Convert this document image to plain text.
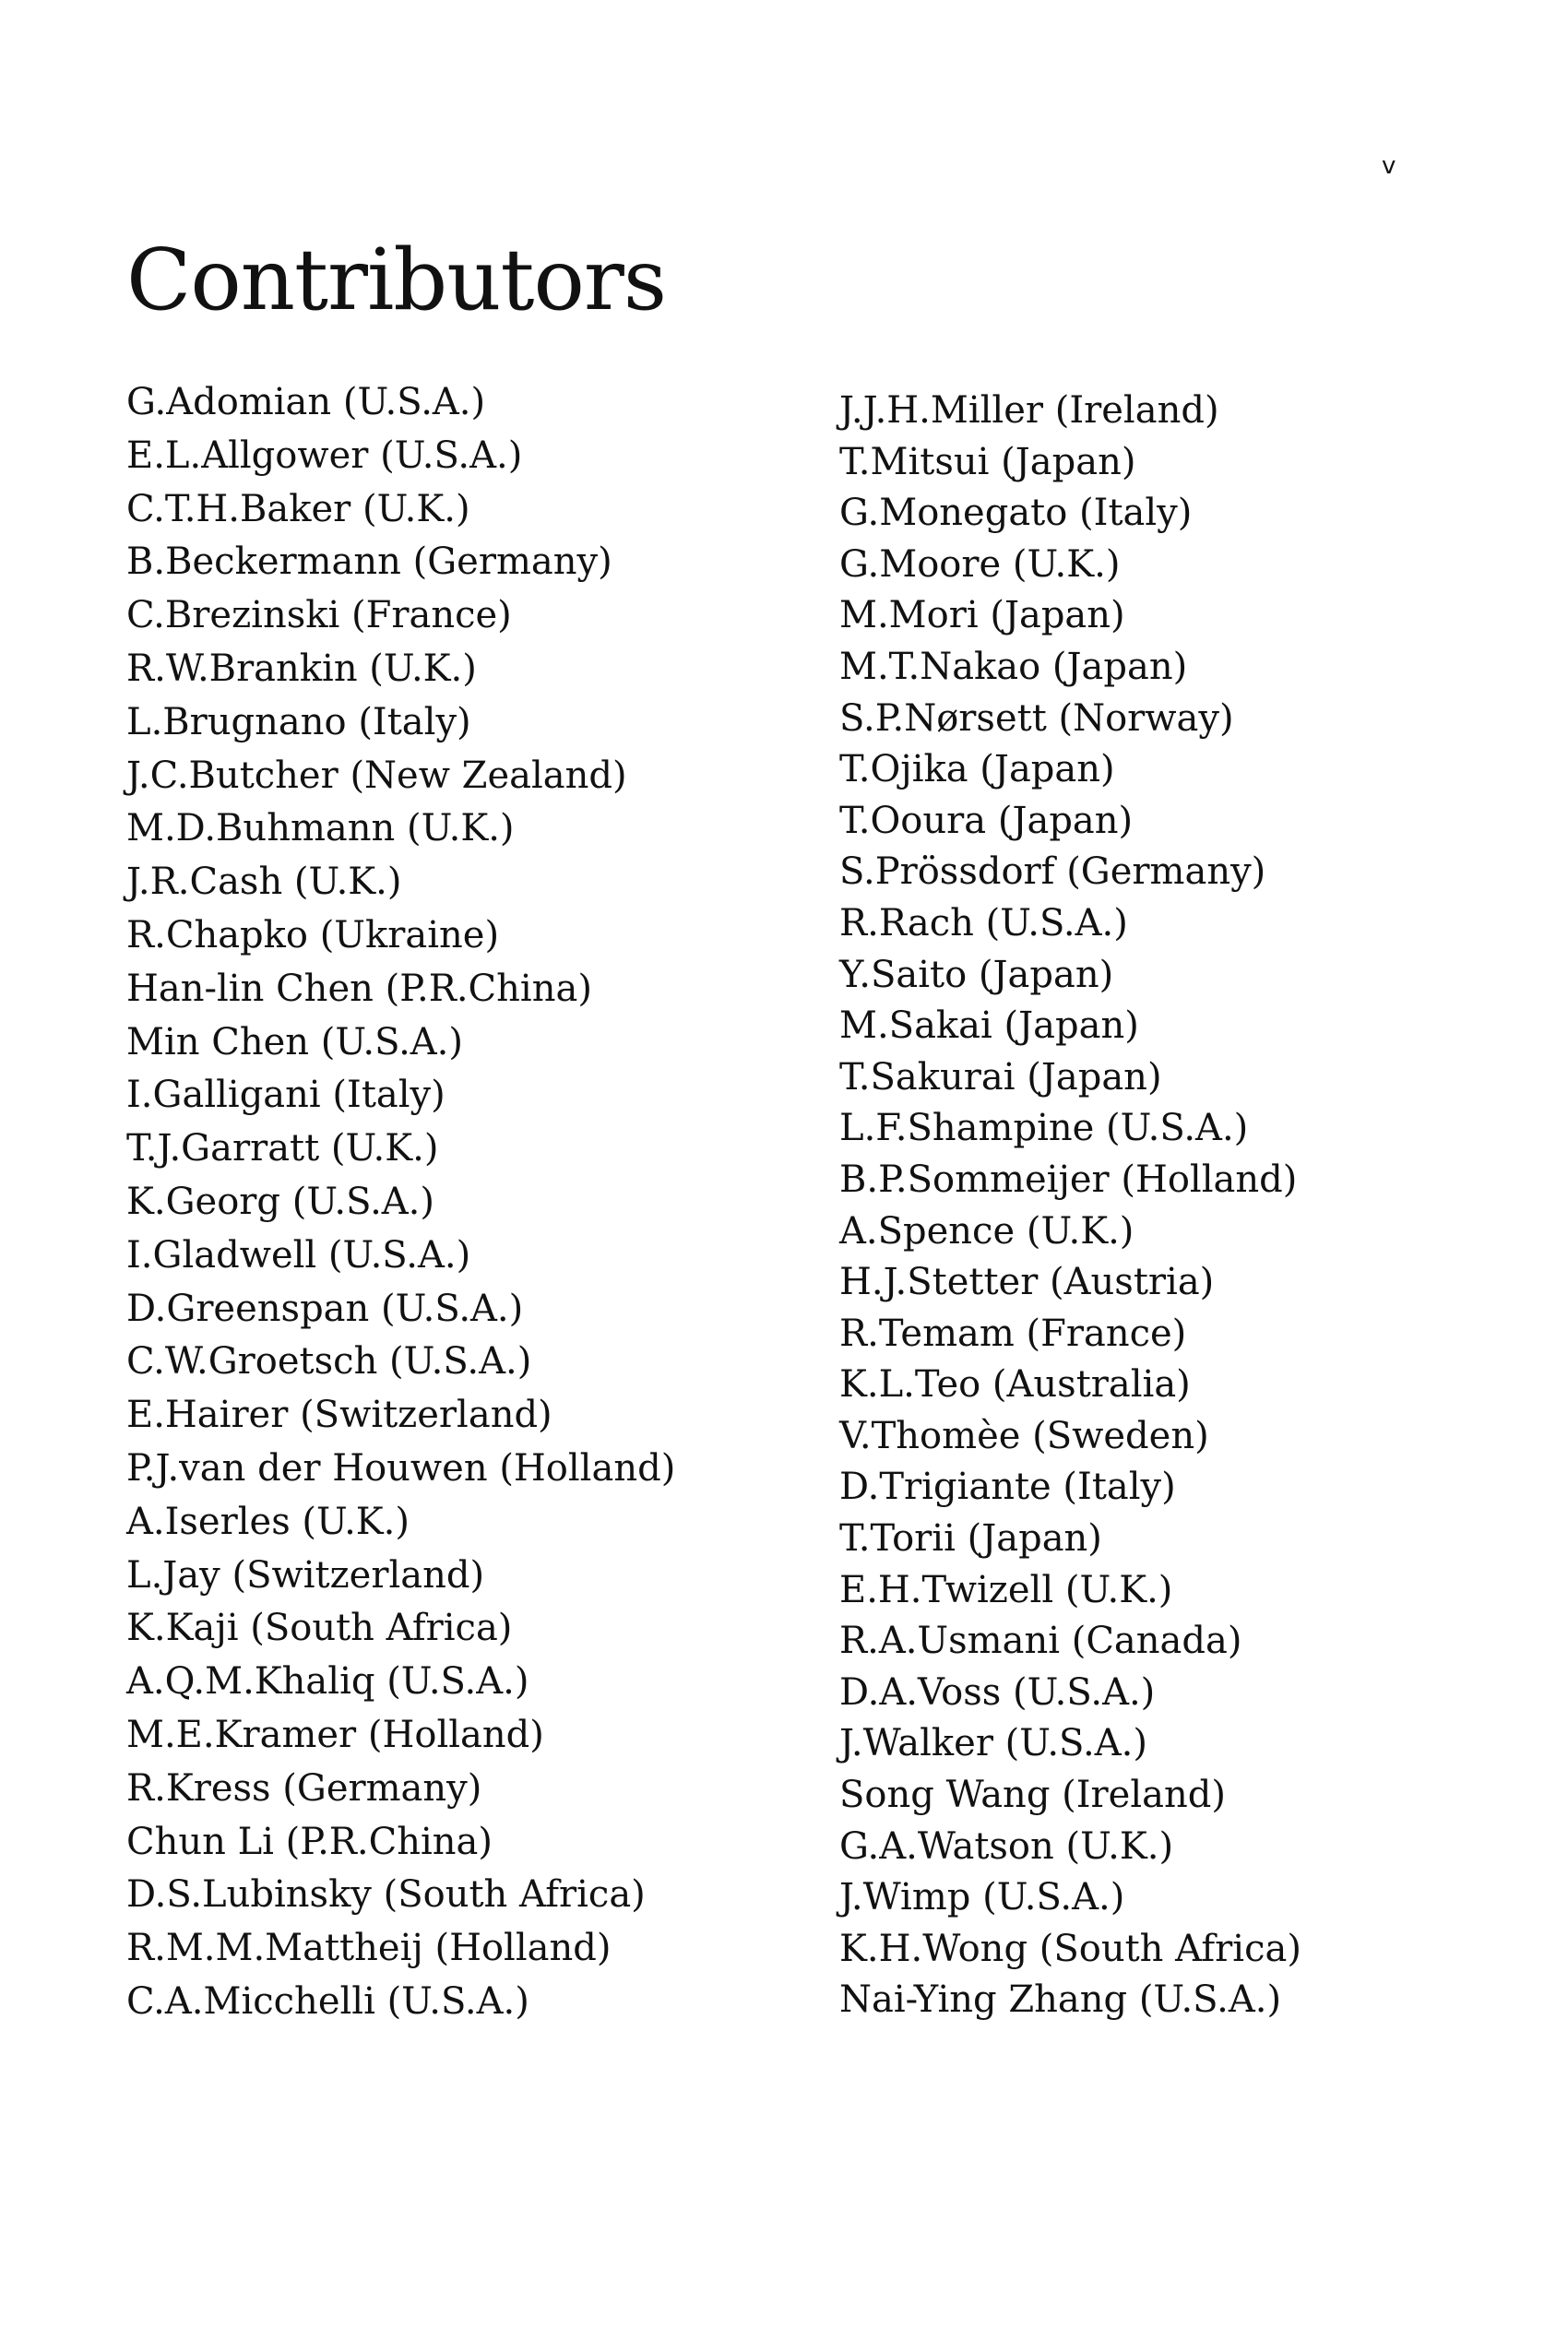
v
Contributors
G.Adomian (U.S.A.)
E.L.Allgower (U.S.A.)
C.T.H.Baker (U.K.)
B.Beckermann (Germany)
C.Brezinski (France)
R.W.Brankin (U.K.)
L.Brugnano (Italy)
J.C.Butcher (New Zealand)
M.D.Buhmann (U.K.)
J.R.Cash (U.K.)
R.Chapko (Ukraine)
Han-lin Chen (P.R.China)
Min Chen (U.S.A.)
I.Galligani (Italy)
T.J.Garratt (U.K.)
K.Georg (U.S.A.)
I.Gladwell (U.S.A.)
D.Greenspan (U.S.A.)
C.W.Groetsch (U.S.A.)
E.Hairer (Switzerland)
P.J.van der Houwen (Holland)
A.Iserles (U.K.)
L.Jay (Switzerland)
K.Kaji (South Africa)
A.Q.M.Khaliq (U.S.A.)
M.E.Kramer (Holland)
R.Kress (Germany)
Chun Li (P.R.China)
D.S.Lubinsky (South Africa)
R.M.M.Mattheij (Holland)
C.A.Micchelli (U.S.A.)
J.J.H.Miller (Ireland)
T.Mitsui (Japan)
G.Monegato (Italy)
G.Moore (U.K.)
M.Mori (Japan)
M.T.Nakao (Japan)
S.P.Nørsett (Norway)
T.Ojika (Japan)
T.Ooura (Japan)
S.Prössdorf (Germany)
R.Rach (U.S.A.)
Y.Saito (Japan)
M.Sakai (Japan)
T.Sakurai (Japan)
L.F.Shampine (U.S.A.)
B.P.Sommeijer (Holland)
A.Spence (U.K.)
H.J.Stetter (Austria)
R.Temam (France)
K.L.Teo (Australia)
V.Thomèe (Sweden)
D.Trigiante (Italy)
T.Torii (Japan)
E.H.Twizell (U.K.)
R.A.Usmani (Canada)
D.A.Voss (U.S.A.)
J.Walker (U.S.A.)
Song Wang (Ireland)
G.A.Watson (U.K.)
J.Wimp (U.S.A.)
K.H.Wong (South Africa)
Nai-Ying Zhang (U.S.A.)
